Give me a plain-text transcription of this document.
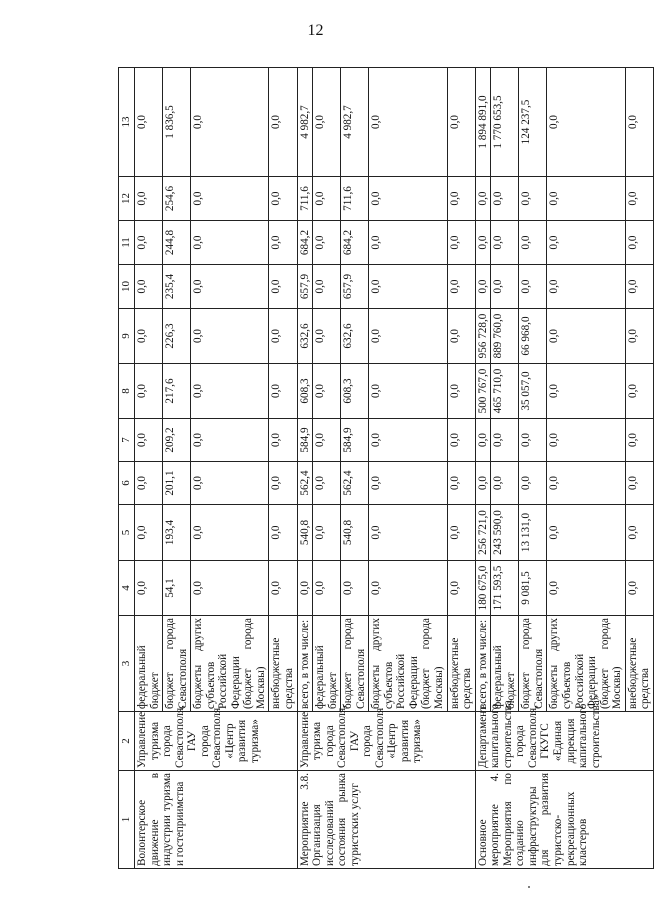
12
1	2	3	4	5	6	7	8	9	10	11	12	13
Волонтерское движение в индустрии туризма и гостеприимства	Управление туризма города Севастополя, ГАУ города Севастополя «Центр развития туризма»	федеральный бюджет	0,0	0,0	0,0	0,0	0,0	0,0	0,0	0,0	0,0	0,0
		бюджет города Севастополя	54,1	193,4	201,1	209,2	217,6	226,3	235,4	244,8	254,6	1 836,5
		бюджеты других субъектов Российской Федерации (бюджет города Москвы)	0,0	0,0	0,0	0,0	0,0	0,0	0,0	0,0	0,0	0,0
		внебюджетные средства	0,0	0,0	0,0	0,0	0,0	0,0	0,0	0,0	0,0	0,0
Мероприятие 3.8. Организация исследований состояния рынка туристских услуг	Управление туризма города Севастополя, ГАУ города Севастополя «Центр развития туризма»	всего, в том числе:	0,0	540,8	562,4	584,9	608,3	632,6	657,9	684,2	711,6	4 982,7
		федеральный бюджет	0,0	0,0	0,0	0,0	0,0	0,0	0,0	0,0	0,0	0,0
		бюджет города Севастополя	0,0	540,8	562,4	584,9	608,3	632,6	657,9	684,2	711,6	4 982,7
		бюджеты других субъектов Российской Федерации (бюджет города Москвы)	0,0	0,0	0,0	0,0	0,0	0,0	0,0	0,0	0,0	0,0
		внебюджетные средства	0,0	0,0	0,0	0,0	0,0	0,0	0,0	0,0	0,0	0,0
Основное мероприятие 4. Мероприятия по созданию инфраструктуры для развития туристско-рекреационных кластеров	Департамент капитального строительства города Севастополя, ГКУГС «Единая дирекция капитального строительства»	всего, в том числе:	180 675,0	256 721,0	0,0	0,0	500 767,0	956 728,0	0,0	0,0	0,0	1 894 891,0
		федеральный бюджет	171 593,5	243 590,0	0,0	0,0	465 710,0	889 760,0	0,0	0,0	0,0	1 770 653,5
		бюджет города Севастополя	9 081,5	13 131,0	0,0	0,0	35 057,0	66 968,0	0,0	0,0	0,0	124 237,5
		бюджеты других субъектов Российской Федерации (бюджет города Москвы)	0,0	0,0	0,0	0,0	0,0	0,0	0,0	0,0	0,0	0,0
		внебюджетные средства	0,0	0,0	0,0	0,0	0,0	0,0	0,0	0,0	0,0	0,0
